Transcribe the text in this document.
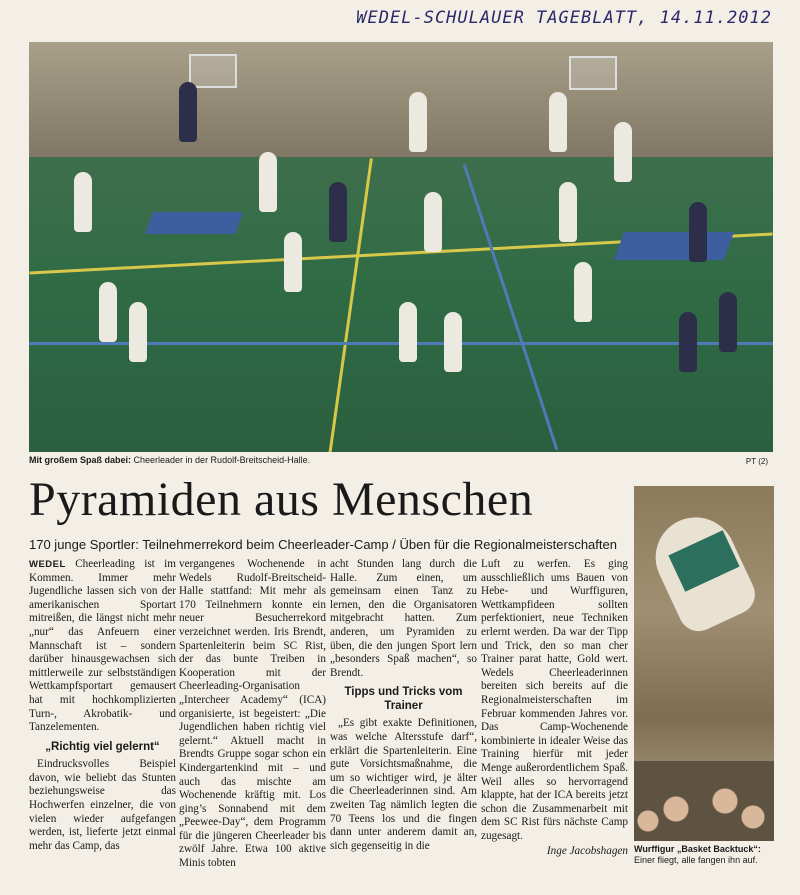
WEDEL-SCHULAUER TAGEBLATT, 14.11.2012
Mit großem Spaß dabei: Cheerleader in der Rudolf-Breitscheid-Halle.	PT (2)
Pyramiden aus Menschen
170 junge Sportler: Teilnehmerrekord beim Cheerleader-Camp / Üben für die Regionalmeisterschaften

WEDEL Cheerleading ist im Kommen. Immer mehr Jugendliche lassen sich von der amerikanischen Sportart mitreißen, die längst nicht mehr „nur“ das Anfeuern einer Mannschaft ist – sondern darüber hinausgewachsen sich mittlerweile zur selbstständigen Wettkampfsportart gemausert hat mit hochkomplizierten Turn-, Akrobatik- und Tanzelementen.

„Richtig viel gelernt“

Eindrucksvolles Beispiel davon, wie beliebt das Stunten beziehungsweise das Hochwerfen einzelner, die von vielen wieder aufgefangen werden, ist, lieferte jetzt einmal mehr das Camp, das

vergangenes Wochenende in Wedels Rudolf-Breitscheid-Halle stattfand: Mit mehr als 170 Teilnehmern konnte ein neuer Besucherrekord verzeichnet werden. Iris Brendt, Spartenleiterin beim SC Rist, der das bunte Treiben in Kooperation mit der Cheerleading-Organisation „Intercheer Academy“ (ICA) organisierte, ist begeistert: „Die Jugendlichen haben richtig viel gelernt.“ Aktuell macht in Brendts Gruppe sogar schon ein Kindergartenkind mit – und auch das mischte am Wochenende kräftig mit. Los ging’s Sonnabend mit dem „Peewee-Day“, dem Programm für die jüngeren Cheerleader bis zwölf Jahre. Etwa 100 aktive Minis tobten

acht Stunden lang durch die Halle. Zum einen, um gemeinsam einen Tanz zu lernen, den die Organisatoren mitgebracht hatten. Zum anderen, um Pyramiden zu üben, die den jungen Sport lern „besonders Spaß machen“, so Brendt.

Tipps und Tricks vom Trainer

„Es gibt exakte Definitionen, was welche Altersstufe darf“, erklärt die Spartenleiterin. Eine gute Vorsichtsmaßnahme, die um so wichtiger wird, je älter die Cheerleaderinnen sind. Am zweiten Tag nämlich legten die 70 Teens los und die fingen dann unter anderem damit an, sich gegenseitig in die

Luft zu werfen. Es ging ausschließlich ums Bauen von Hebe- und Wurffiguren, Wettkampfideen sollten perfektioniert, neue Techniken erlernt werden. Da war der Tipp und Trick, den so man cher Trainer parat hatte, Gold wert. Wedels Cheerleaderinnen bereiten sich bereits auf die Regionalmeisterschaften im Februar kommenden Jahres vor. Das Camp-Wochenende kombinierte in idealer Weise das Training hierfür mit jeder Menge außerordentlichem Spaß. Weil alles so hervorragend klappte, hat der ICA bereits jetzt schon die Zusammenarbeit mit dem SC Rist fürs nächste Camp zugesagt.

Inge Jacobshagen Wurffigur „Basket Backtuck“: Einer fliegt, alle fangen ihn auf.
